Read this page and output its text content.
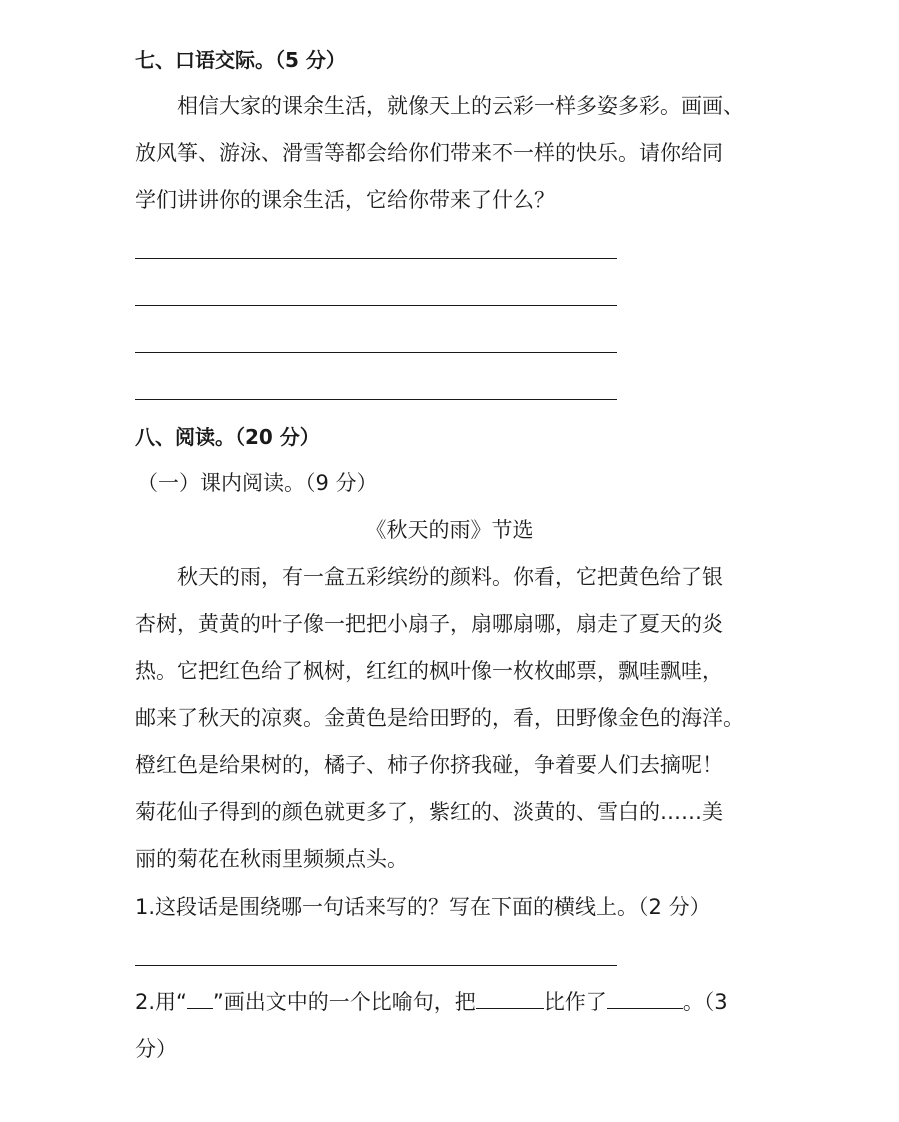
七、口语交际。（5 分）
相信大家的课余生活，就像天上的云彩一样多姿多彩。画画、
放风筝、游泳、滑雪等都会给你们带来不一样的快乐。请你给同
学们讲讲你的课余生活，它给你带来了什么？
八、阅读。（20 分）
（一）课内阅读。（9 分）
《秋天的雨》节选
秋天的雨，有一盒五彩缤纷的颜料。你看，它把黄色给了银
杏树，黄黄的叶子像一把把小扇子，扇哪扇哪，扇走了夏天的炎
热。它把红色给了枫树，红红的枫叶像一枚枚邮票，飘哇飘哇，
邮来了秋天的凉爽。金黄色是给田野的，看，田野像金色的海洋。
橙红色是给果树的，橘子、柿子你挤我碰，争着要人们去摘呢！
菊花仙子得到的颜色就更多了，紫红的、淡黄的、雪白的……美
丽的菊花在秋雨里频频点头。
1.这段话是围绕哪一句话来写的？写在下面的横线上。（2 分）
2.用“ ”画出文中的一个比喻句，把	比作了	。（3
分）
